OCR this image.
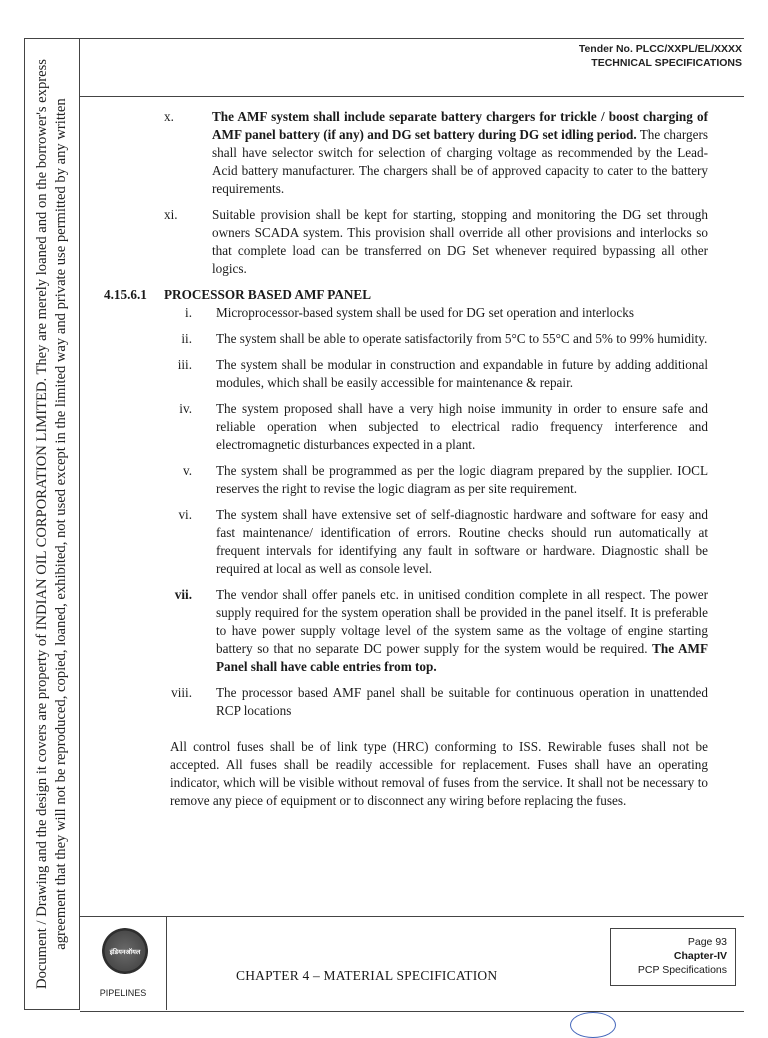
Document / Drawing and the design it covers are property of INDIAN OIL CORPORATION LIMITED. They are merely loaned and on the borrower's express agreement that they will not be reproduced, copied, loaned, exhibited, not used except in the limited way and private use permitted by any written
Tender No. PLCC/XXPL/EL/XXXX
TECHNICAL SPECIFICATIONS
x.	The AMF system shall include separate battery chargers for trickle / boost charging of AMF panel battery (if any) and DG set battery during DG set idling period. The chargers shall have selector switch for selection of charging voltage as recommended by the Lead-Acid battery manufacturer. The chargers shall be of approved capacity to cater to the battery requirements.
xi.	Suitable provision shall be kept for starting, stopping and monitoring the DG set through owners SCADA system. This provision shall override all other provisions and interlocks so that complete load can be transferred on DG Set whenever required bypassing all other logics.
4.15.6.1 PROCESSOR BASED AMF PANEL
i. Microprocessor-based system shall be used for DG set operation and interlocks
ii. The system shall be able to operate satisfactorily from 5°C to 55°C and 5% to 99% humidity.
iii. The system shall be modular in construction and expandable in future by adding additional modules, which shall be easily accessible for maintenance & repair.
iv. The system proposed shall have a very high noise immunity in order to ensure safe and reliable operation when subjected to electrical radio frequency interference and electromagnetic disturbances expected in a plant.
v. The system shall be programmed as per the logic diagram prepared by the supplier. IOCL reserves the right to revise the logic diagram as per site requirement.
vi. The system shall have extensive set of self-diagnostic hardware and software for easy and fast maintenance/ identification of errors. Routine checks should run automatically at frequent intervals for identifying any fault in software or hardware. Diagnostic shall be required at local as well as console level.
vii. The vendor shall offer panels etc. in unitised condition complete in all respect. The power supply required for the system operation shall be provided in the panel itself. It is preferable to have power supply voltage level of the system same as the voltage of engine starting battery so that no separate DC power supply for the system would be required. The AMF Panel shall have cable entries from top.
viii. The processor based AMF panel shall be suitable for continuous operation in unattended RCP locations
All control fuses shall be of link type (HRC) conforming to ISS. Rewirable fuses shall not be accepted. All fuses shall be readily accessible for replacement. Fuses shall have an operating indicator, which will be visible without removal of fuses from the service. It shall not be necessary to remove any piece of equipment or to disconnect any wiring before replacing the fuses.
इंडियनऑयल
PIPELINES
CHAPTER 4 – MATERIAL SPECIFICATION
Page 93
Chapter-IV
PCP Specifications
